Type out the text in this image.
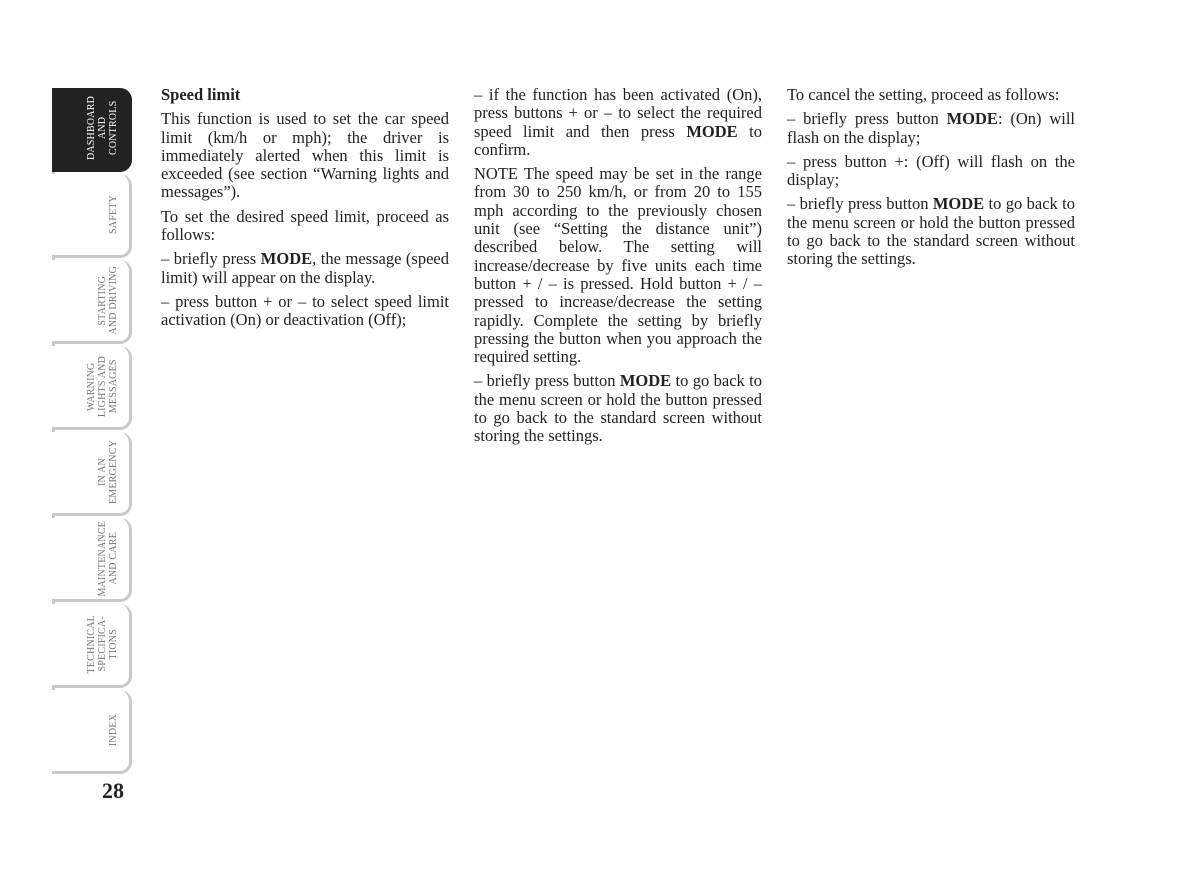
DASHBOARD
AND
CONTROLS
SAFETY
STARTING
AND DRIVING
WARNING
LIGHTS AND
MESSAGES
IN AN
EMERGENCY
MAINTENANCE
AND CARE
TECHNICAL
SPECIFICA-
TIONS
INDEX
28

Speed limit

This function is used to set the car speed limit (km/h or mph); the driver is immediately alerted when this limit is exceeded (see section “Warning lights and messages”).

To set the desired speed limit, proceed as follows:

– briefly press MODE, the message (speed limit) will appear on the display.

– press button + or – to select speed limit activation (On) or deactivation (Off);

– if the function has been activated (On), press buttons + or – to select the required speed limit and then press MODE to confirm.

NOTE The speed may be set in the range from 30 to 250 km/h, or from 20 to 155 mph according to the previously chosen unit (see “Setting the distance unit”) described below. The setting will increase/decrease by five units each time button + / – is pressed. Hold button + / – pressed to increase/decrease the setting rapidly. Complete the setting by briefly pressing the button when you approach the required setting.

– briefly press button MODE to go back to the menu screen or hold the button pressed to go back to the standard screen without storing the settings.

To cancel the setting, proceed as follows:

– briefly press button MODE: (On) will flash on the display;

– press button +: (Off) will flash on the display;

– briefly press button MODE to go back to the menu screen or hold the button pressed to go back to the standard screen without storing the settings.
